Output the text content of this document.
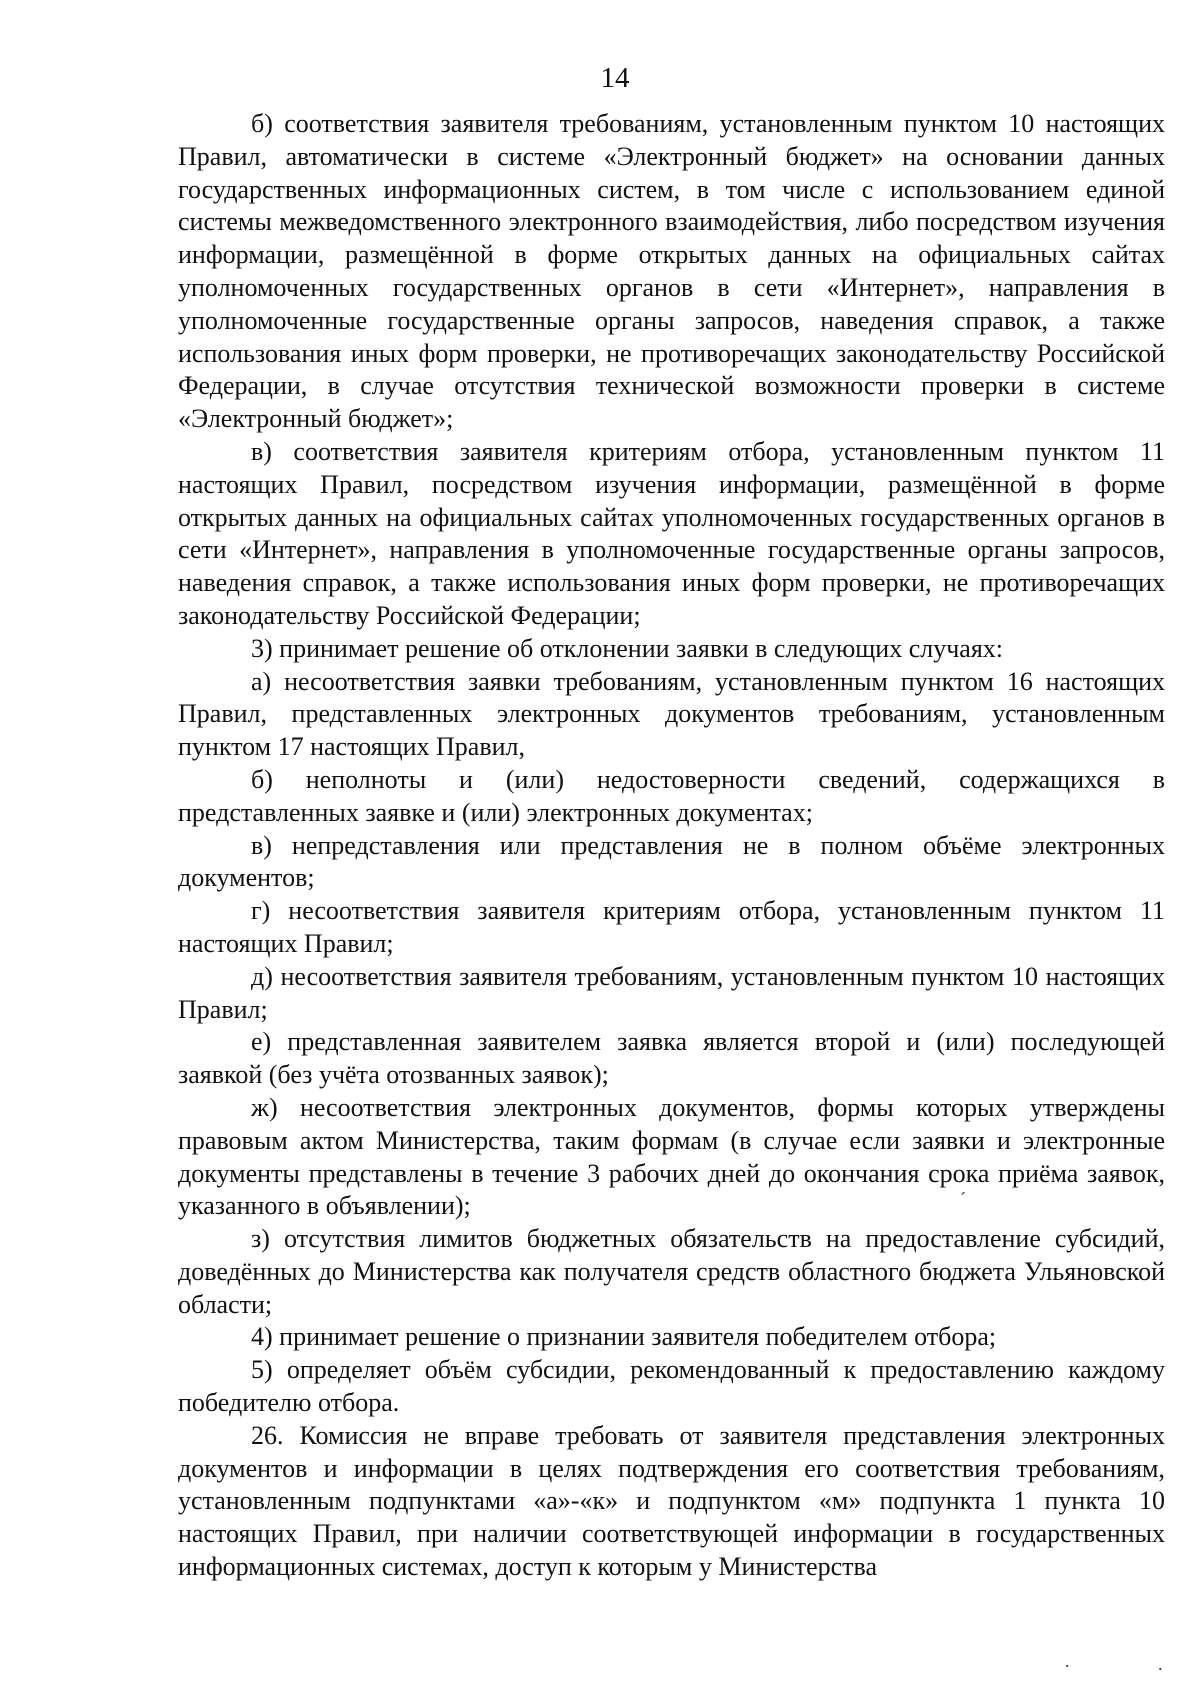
14

б) соответствия заявителя требованиям, установленным пунктом 10 настоящих Правил, автоматически в системе «Электронный бюджет» на основании данных государственных информационных систем, в том числе с использованием единой системы межведомственного электронного взаимодействия, либо посредством изучения информации, размещённой в форме открытых данных на официальных сайтах уполномоченных государственных органов в сети «Интернет», направления в уполномоченные государственные органы запросов, наведения справок, а также использования иных форм проверки, не противоречащих законодательству Российской Федерации, в случае отсутствия технической возможности проверки в системе «Электронный бюджет»;

в) соответствия заявителя критериям отбора, установленным пунктом 11 настоящих Правил, посредством изучения информации, размещённой в форме открытых данных на официальных сайтах уполномоченных государственных органов в сети «Интернет», направления в уполномоченные государственные органы запросов, наведения справок, а также использования иных форм проверки, не противоречащих законодательству Российской Федерации;

3) принимает решение об отклонении заявки в следующих случаях:

а) несоответствия заявки требованиям, установленным пунктом 16 настоящих Правил, представленных электронных документов требованиям, установленным пунктом 17 настоящих Правил,

б) неполноты и (или) недостоверности сведений, содержащихся в представленных заявке и (или) электронных документах;

в) непредставления или представления не в полном объёме электронных документов;

г) несоответствия заявителя критериям отбора, установленным пунктом 11 настоящих Правил;

д) несоответствия заявителя требованиям, установленным пунктом 10 настоящих Правил;

е) представленная заявителем заявка является второй и (или) последующей заявкой (без учёта отозванных заявок);

ж) несоответствия электронных документов, формы которых утверждены правовым актом Министерства, таким формам (в случае если заявки и электронные документы представлены в течение 3 рабочих дней до окончания срока приёма заявок, указанного в объявлении);

з) отсутствия лимитов бюджетных обязательств на предоставление субсидий, доведённых до Министерства как получателя средств областного бюджета Ульяновской области;

4) принимает решение о признании заявителя победителем отбора;

5) определяет объём субсидии, рекомендованный к предоставлению каждому победителю отбора.

26. Комиссия не вправе требовать от заявителя представления электронных документов и информации в целях подтверждения его соответствия требованиям, установленным подпунктами «а»-«к» и подпунктом «м» подпункта 1 пункта 10 настоящих Правил, при наличии соответствующей информации в государственных информационных системах, доступ к которым у Министерства

ˊ
.	.
